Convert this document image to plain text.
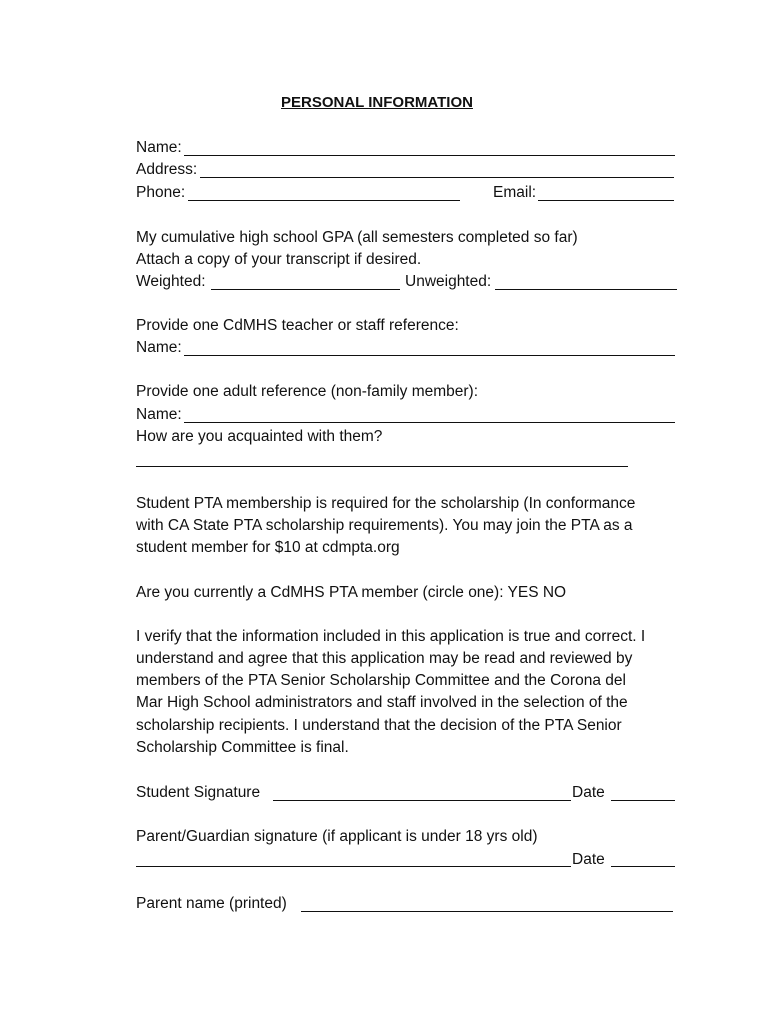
PERSONAL INFORMATION
Name:
Address:
Phone:	Email:
My cumulative high school GPA (all semesters completed so far)
Attach a copy of your transcript if desired.
Weighted:	Unweighted:
Provide one CdMHS teacher or staff reference:
Name:
Provide one adult reference (non-family member):
Name:
How are you acquainted with them?
Student PTA membership is required for the scholarship (In conformance
with CA State PTA scholarship requirements). You may join the PTA as a
student member for $10 at cdmpta.org
Are you currently a CdMHS PTA member (circle one): YES NO
I verify that the information included in this application is true and correct. I
understand and agree that this application may be read and reviewed by
members of the PTA Senior Scholarship Committee and the Corona del
Mar High School administrators and staff involved in the selection of the
scholarship recipients. I understand that the decision of the PTA Senior
Scholarship Committee is final.
Student Signature	Date
Parent/Guardian signature (if applicant is under 18 yrs old)
Date
Parent name (printed)
